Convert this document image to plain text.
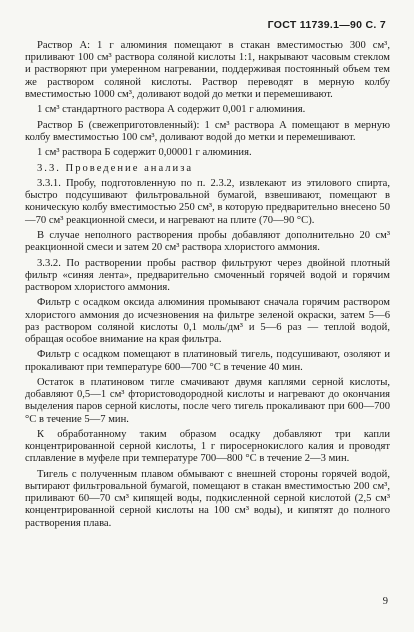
ГОСТ 11739.1—90 С. 7

Раствор А: 1 г алюминия помещают в стакан вместимостью 300 см³, приливают 100 см³ раствора соляной кислоты 1:1, накрывают часовым стеклом и растворяют при умеренном нагревании, поддерживая постоянный объем тем же раствором соляной кислоты. Раствор переводят в мерную колбу вместимостью 1000 см³, доливают водой до метки и перемешивают.

1 см³ стандартного раствора А содержит 0,001 г алюминия.

Раствор Б (свежеприготовленный): 1 см³ раствора А помещают в мерную колбу вместимостью 100 см³, доливают водой до метки и перемешивают.

1 см³ раствора Б содержит 0,00001 г алюминия.

3.3. Проведение анализа

3.3.1. Пробу, подготовленную по п. 2.3.2, извлекают из этилового спирта, быстро подсушивают фильтровальной бумагой, взвешивают, помещают в коническую колбу вместимостью 250 см³, в которую предварительно внесено 50—70 см³ реакционной смеси, и нагревают на плите (70—90 °С).

В случае неполного растворения пробы добавляют дополнительно 20 см³ реакционной смеси и затем 20 см³ раствора хлористого аммония.

3.3.2. По растворении пробы раствор фильтруют через двойной плотный фильтр «синяя лента», предварительно смоченный горячей водой и горячим раствором хлористого аммония.

Фильтр с осадком оксида алюминия промывают сначала горячим раствором хлористого аммония до исчезновения на фильтре зеленой окраски, затем 5—6 раз раствором соляной кислоты 0,1 моль/дм³ и 5—6 раз — теплой водой, обращая особое внимание на края фильтра.

Фильтр с осадком помещают в платиновый тигель, подсушивают, озоляют и прокаливают при температуре 600—700 °С в течение 40 мин.

Остаток в платиновом тигле смачивают двумя каплями серной кислоты, добавляют 0,5—1 см³ фтористоводородной кислоты и нагревают до окончания выделения паров серной кислоты, после чего тигель прокаливают при 600—700 °С в течение 5—7 мин.

К обработанному таким образом осадку добавляют три капли концентрированной серной кислоты, 1 г пиросернокислого калия и проводят сплавление в муфеле при температуре 700—800 °С в течение 2—3 мин.

Тигель с полученным плавом обмывают с внешней стороны горячей водой, вытирают фильтровальной бумагой, помещают в стакан вместимостью 200 см³, приливают 60—70 см³ кипящей воды, подкисленной серной кислотой (2,5 см³ концентрированной серной кислоты на 100 см³ воды), и кипятят до полного растворения плава.

9
